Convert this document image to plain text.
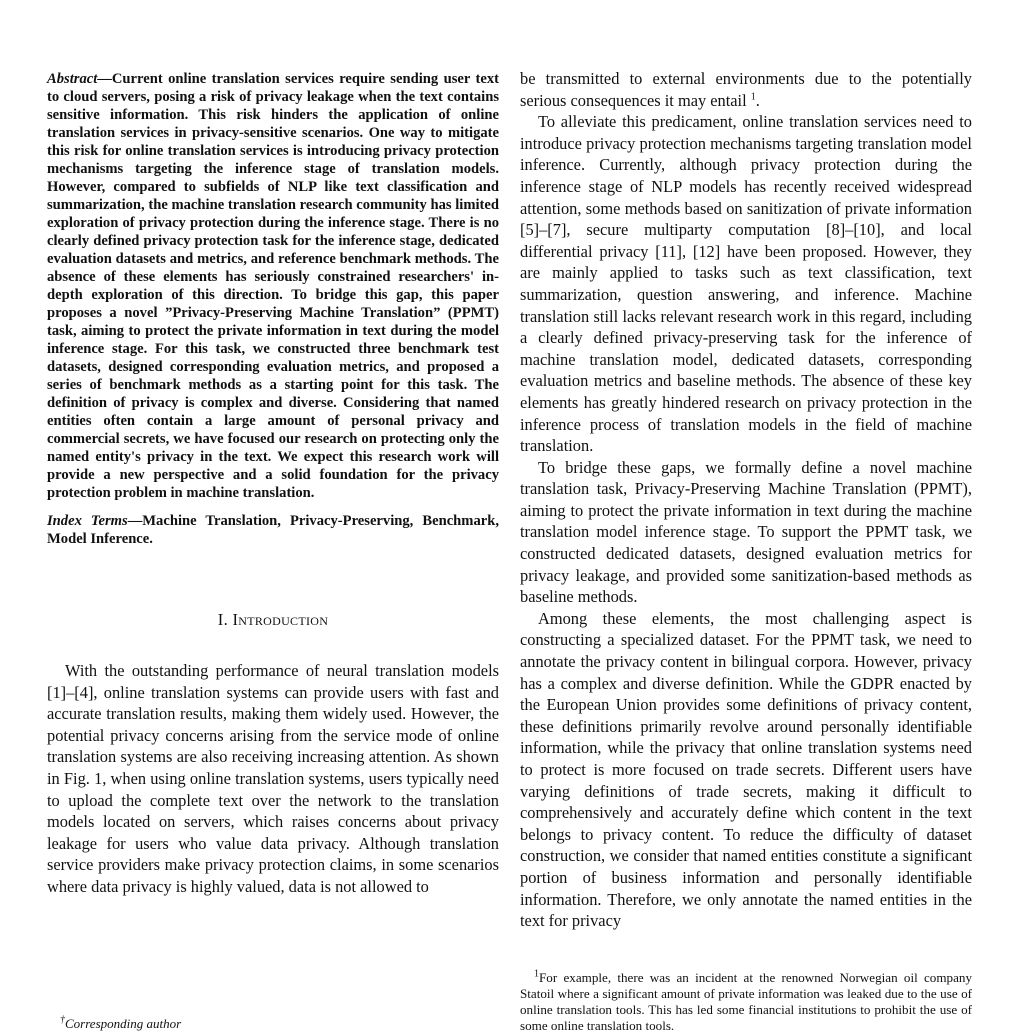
Abstract—Current online translation services require sending user text to cloud servers, posing a risk of privacy leakage when the text contains sensitive information. This risk hinders the application of online translation services in privacy-sensitive scenarios. One way to mitigate this risk for online translation services is introducing privacy protection mechanisms targeting the inference stage of translation models. However, compared to subfields of NLP like text classification and summarization, the machine translation research community has limited exploration of privacy protection during the inference stage. There is no clearly defined privacy protection task for the inference stage, dedicated evaluation datasets and metrics, and reference benchmark methods. The absence of these elements has seriously constrained researchers' in-depth exploration of this direction. To bridge this gap, this paper proposes a novel ”Privacy-Preserving Machine Translation” (PPMT) task, aiming to protect the private information in text during the model inference stage. For this task, we constructed three benchmark test datasets, designed corresponding evaluation metrics, and proposed a series of benchmark methods as a starting point for this task. The definition of privacy is complex and diverse. Considering that named entities often contain a large amount of personal privacy and commercial secrets, we have focused our research on protecting only the named entity's privacy in the text. We expect this research work will provide a new perspective and a solid foundation for the privacy protection problem in machine translation.

Index Terms—Machine Translation, Privacy-Preserving, Benchmark, Model Inference.

I. Introduction

With the outstanding performance of neural translation models [1]–[4], online translation systems can provide users with fast and accurate translation results, making them widely used. However, the potential privacy concerns arising from the service mode of online translation systems are also receiving increasing attention. As shown in Fig. 1, when using online translation systems, users typically need to upload the complete text over the network to the translation models located on servers, which raises concerns about privacy leakage for users who value data privacy. Although translation service providers make privacy protection claims, in some scenarios where data privacy is highly valued, data is not allowed to

be transmitted to external environments due to the potentially serious consequences it may entail $^1$.

To alleviate this predicament, online translation services need to introduce privacy protection mechanisms targeting translation model inference. Currently, although privacy protection during the inference stage of NLP models has recently received widespread attention, some methods based on sanitization of private information [5]–[7], secure multiparty computation [8]–[10], and local differential privacy [11], [12] have been proposed. However, they are mainly applied to tasks such as text classification, text summarization, question answering, and inference. Machine translation still lacks relevant research work in this regard, including a clearly defined privacy-preserving task for the inference of machine translation model, dedicated datasets, corresponding evaluation metrics and baseline methods. The absence of these key elements has greatly hindered research on privacy protection in the inference process of translation models in the field of machine translation.

To bridge these gaps, we formally define a novel machine translation task, Privacy-Preserving Machine Translation (PPMT), aiming to protect the private information in text during the machine translation model inference stage. To support the PPMT task, we constructed dedicated datasets, designed evaluation metrics for privacy leakage, and provided some sanitization-based methods as baseline methods.

Among these elements, the most challenging aspect is constructing a specialized dataset. For the PPMT task, we need to annotate the privacy content in bilingual corpora. However, privacy has a complex and diverse definition. While the GDPR enacted by the European Union provides some definitions of privacy content, these definitions primarily revolve around personally identifiable information, while the privacy that online translation systems need to protect is more focused on trade secrets. Different users have varying definitions of trade secrets, making it difficult to comprehensively and accurately define which content in the text belongs to privacy content. To reduce the difficulty of dataset construction, we consider that named entities constitute a significant portion of business information and personally identifiable information. Therefore, we only annotate the named entities in the text for privacy

$^1$For example, there was an incident at the renowned Norwegian oil company Statoil where a significant amount of private information was leaked due to the use of online translation tools. This has led some financial institutions to prohibit the use of some online translation tools.

†Corresponding author
